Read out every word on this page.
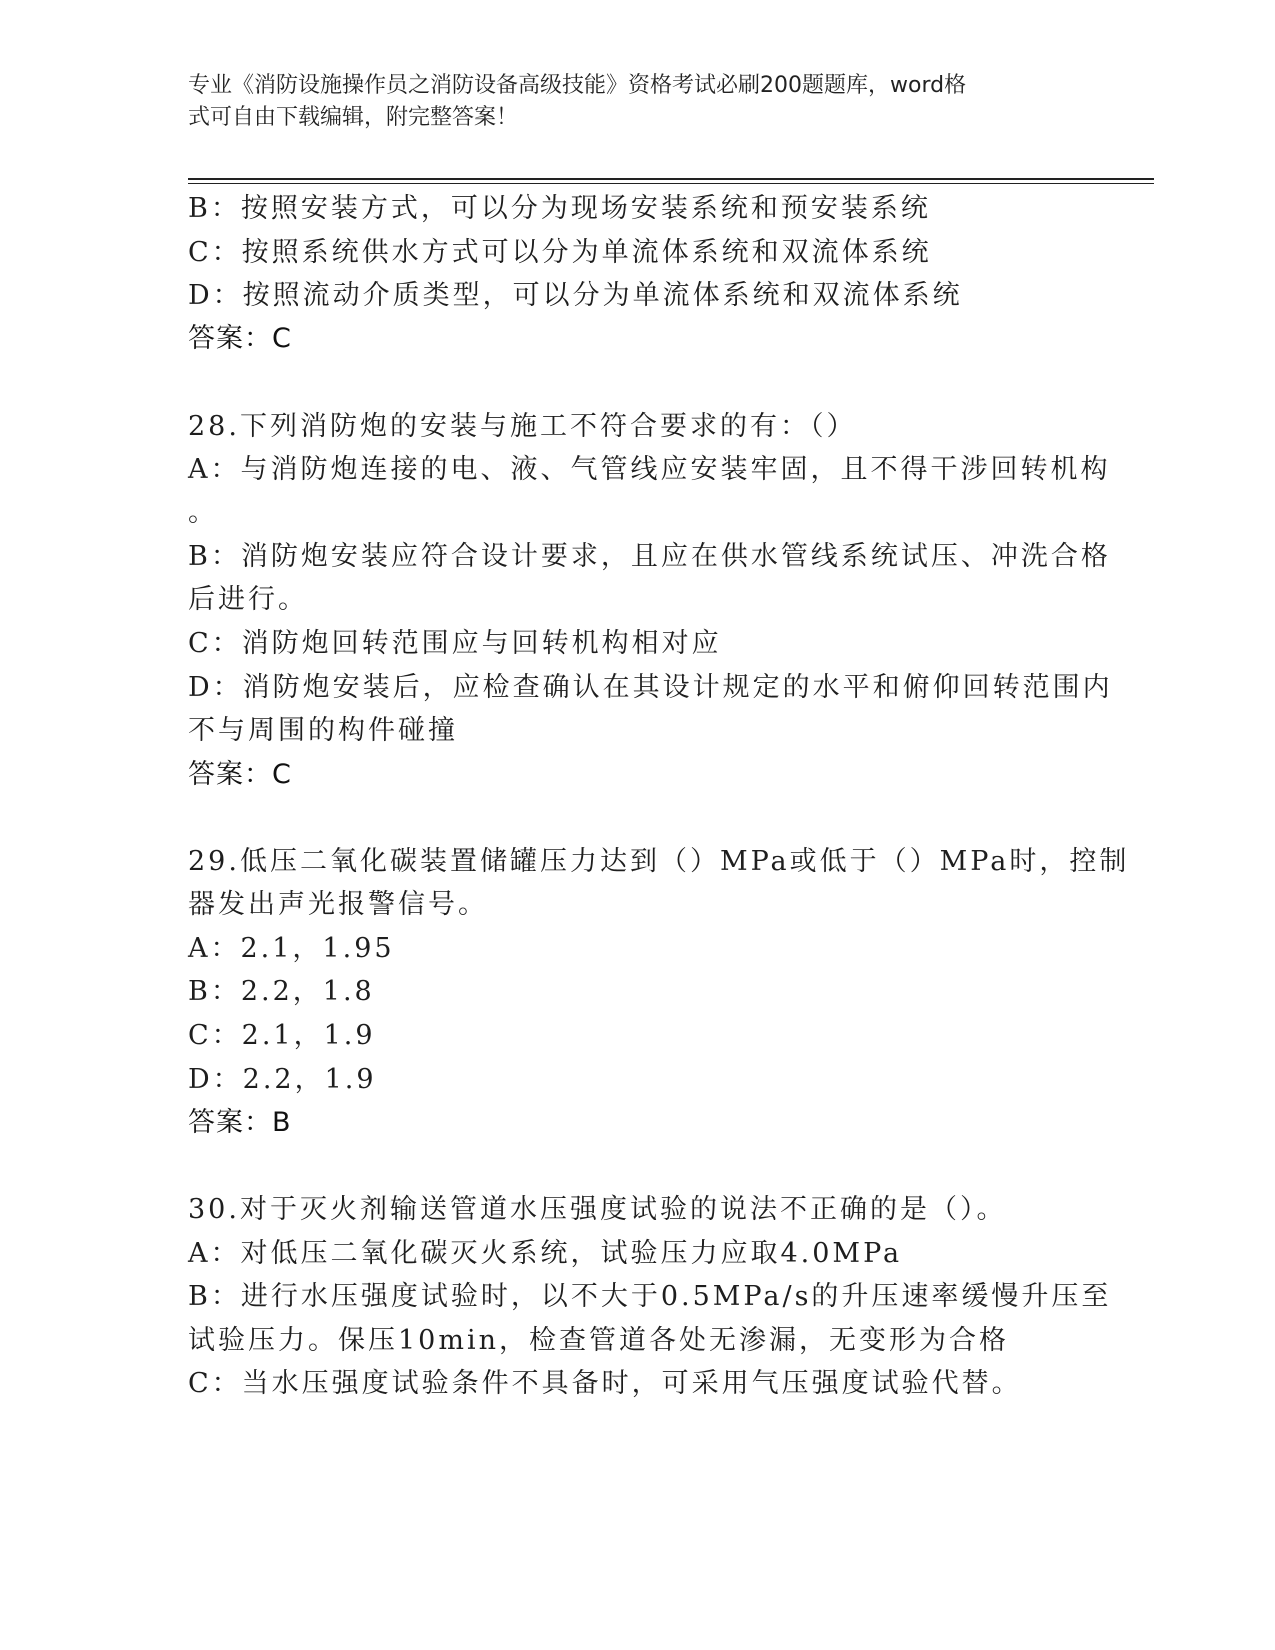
专业《消防设施操作员之消防设备高级技能》资格考试必刷200题题库，word格
式可自由下载编辑，附完整答案！
B：按照安装方式，可以分为现场安装系统和预安装系统
C：按照系统供水方式可以分为单流体系统和双流体系统
D：按照流动介质类型，可以分为单流体系统和双流体系统
答案：C
28.下列消防炮的安装与施工不符合要求的有：（）
A：与消防炮连接的电、液、气管线应安装牢固，且不得干涉回转机构
。
B：消防炮安装应符合设计要求，且应在供水管线系统试压、冲洗合格
后进行。
C：消防炮回转范围应与回转机构相对应
D：消防炮安装后，应检查确认在其设计规定的水平和俯仰回转范围内
不与周围的构件碰撞
答案：C
29.低压二氧化碳装置储罐压力达到（）MPa或低于（）MPa时，控制
器发出声光报警信号。
A：2.1，1.95
B：2.2，1.8
C：2.1，1.9
D：2.2，1.9
答案：B
30.对于灭火剂输送管道水压强度试验的说法不正确的是（）。
A：对低压二氧化碳灭火系统，试验压力应取4.0MPa
B：进行水压强度试验时，以不大于0.5MPa/s的升压速率缓慢升压至
试验压力。保压10min，检查管道各处无渗漏，无变形为合格
C：当水压强度试验条件不具备时，可采用气压强度试验代替。
